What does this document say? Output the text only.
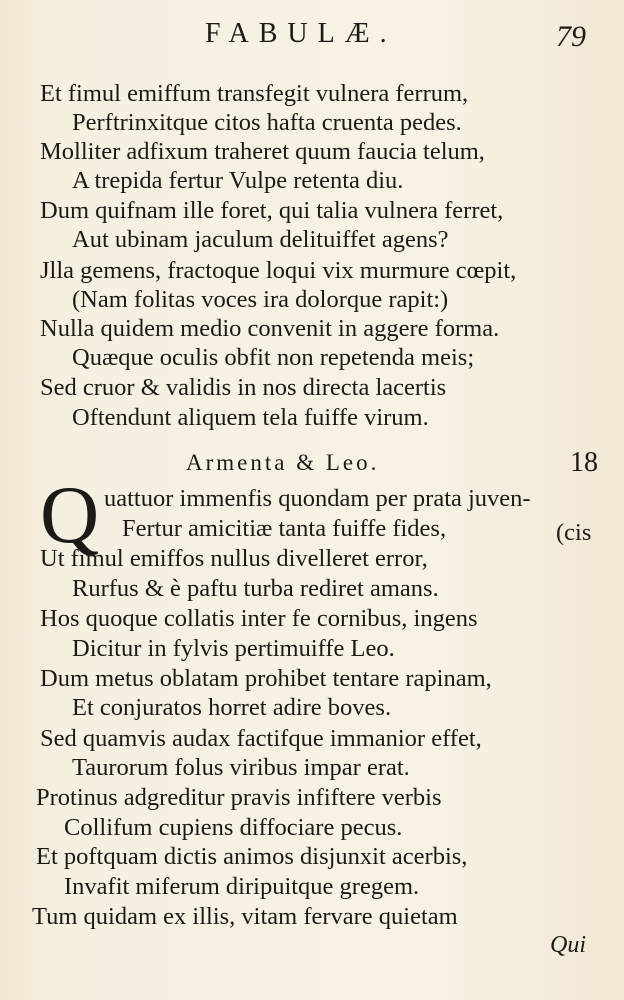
FABULÆ.	79
Et fimul emiffum transfegit vulnera ferrum,
Perftrinxitque citos hafta cruenta pedes.
Molliter adfixum traheret quum faucia telum,
A trepida fertur Vulpe retenta diu.
Dum quifnam ille foret, qui talia vulnera ferret,
Aut ubinam jaculum delituiffet agens?
Jlla gemens, fractoque loqui vix murmure cœpit,
(Nam folitas voces ira dolorque rapit:)
Nulla quidem medio convenit in aggere forma.
Quæque oculis obfit non repetenda meis;
Sed cruor & validis in nos directa lacertis
Oftendunt aliquem tela fuiffe virum.
Armenta & Leo.	18
Q uattuor immenfis quondam per prata juven-
Fertur amicitiæ tanta fuiffe fides,	(cis
Ut fimul emiffos nullus divelleret error,
Rurfus & è paftu turba rediret amans.
Hos quoque collatis inter fe cornibus, ingens
Dicitur in fylvis pertimuiffe Leo.
Dum metus oblatam prohibet tentare rapinam,
Et conjuratos horret adire boves.
Sed quamvis audax factifque immanior effet,
Taurorum folus viribus impar erat.
Protinus adgreditur pravis infiftere verbis
Collifum cupiens diffociare pecus.
Et poftquam dictis animos disjunxit acerbis,
Invafit miferum diripuitque gregem.
Tum quidam ex illis, vitam fervare quietam
Qui
